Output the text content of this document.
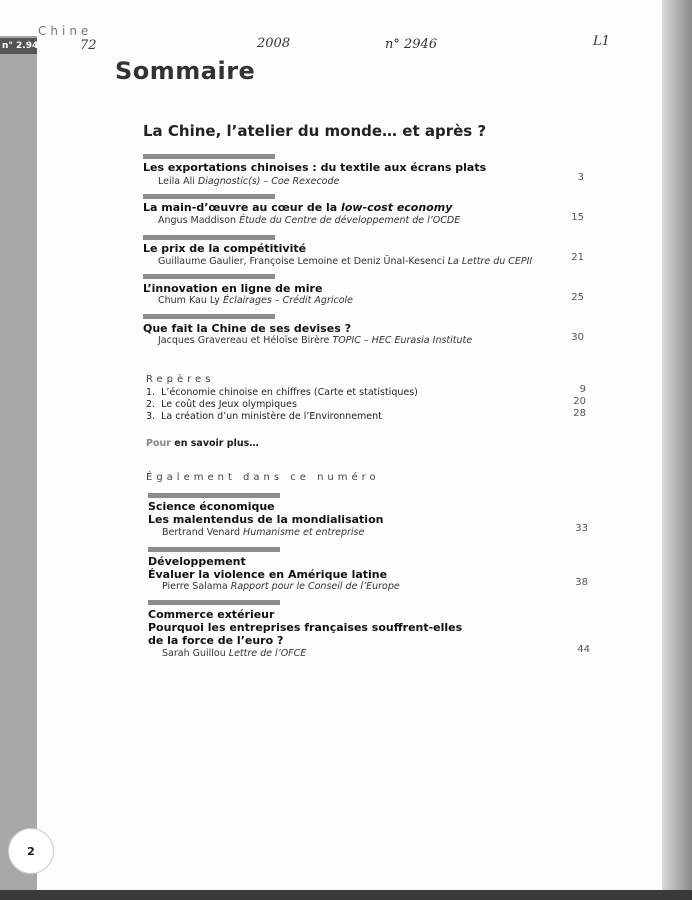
n° 2.946
Chine
72	2008	n° 2946	L1
Sommaire
La Chine, l’atelier du monde… et après ?
Les exportations chinoises : du textile aux écrans plats
Leila Ali Diagnostic(s) – Coe Rexecode	3
La main-d’œuvre au cœur de la low-cost economy
Angus Maddison Étude du Centre de développement de l’OCDE	15
Le prix de la compétitivité
Guillaume Gaulier, Françoise Lemoine et Deniz Ünal-Kesenci La Lettre du CEPII	21
L’innovation en ligne de mire
Chum Kau Ly Éclairages – Crédit Agricole	25
Que fait la Chine de ses devises ?
Jacques Gravereau et Héloïse Birère TOPIC – HEC Eurasia Institute	30
Repères
1. L’économie chinoise en chiffres (Carte et statistiques)	9
2. Le coût des Jeux olympiques	20
3. La création d’un ministère de l’Environnement	28
Pour en savoir plus…
Également dans ce numéro
Science économique
Les malentendus de la mondialisation
Bertrand Venard Humanisme et entreprise	33
Développement
Évaluer la violence en Amérique latine
Pierre Salama Rapport pour le Conseil de l’Europe	38
Commerce extérieur
Pourquoi les entreprises françaises souffrent-elles
de la force de l’euro ?
Sarah Guillou Lettre de l’OFCE	44
2
